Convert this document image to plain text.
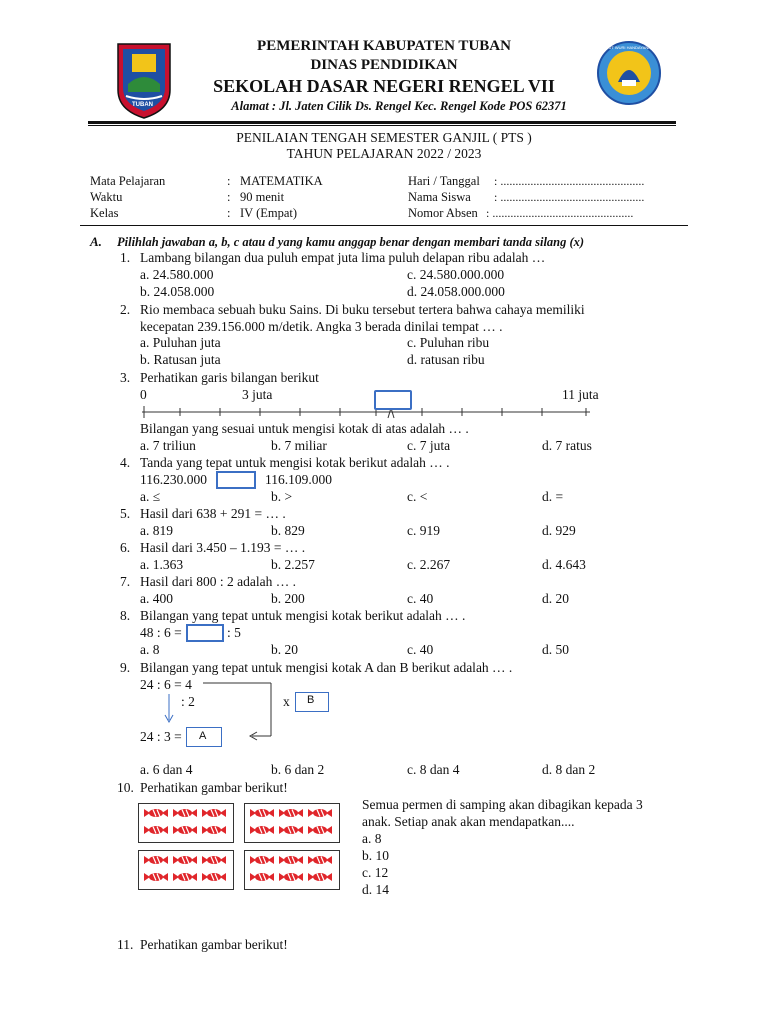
TUBAN
TUT WURI HANDAYANI
PEMERINTAH KABUPATEN TUBAN
DINAS PENDIDIKAN
SEKOLAH DASAR NEGERI RENGEL VII
Alamat : Jl. Jaten Cilik Ds. Rengel Kec. Rengel Kode POS 62371
PENILAIAN TENGAH SEMESTER GANJIL ( PTS )
TAHUN PELAJARAN 2022 / 2023
Mata Pelajaran	: MATEMATIKA
Waktu	: 90 menit
Kelas	: IV (Empat)
Hari / Tanggal : ................................................
Nama Siswa : ................................................
Nomor Absen : ...............................................
A. Pilihlah jawaban a, b, c atau d yang kamu anggap benar dengan membari tanda silang (x)
1. Lambang bilangan dua puluh empat juta lima puluh delapan ribu adalah …
a. 24.580.000	c. 24.580.000.000
b. 24.058.000	d. 24.058.000.000
2. Rio membaca sebuah buku Sains. Di buku tersebut tertera bahwa cahaya memiliki
kecepatan 239.156.000 m/detik. Angka 3 berada dinilai tempat … .
a. Puluhan juta	c. Puluhan ribu
b. Ratusan juta	d. ratusan ribu
3. Perhatikan garis bilangan berikut
0	3 juta	11 juta
Bilangan yang sesuai untuk mengisi kotak di atas adalah … .
a. 7 triliun	b. 7 miliar	c. 7 juta	d. 7 ratus
4. Tanda yang tepat untuk mengisi kotak berikut adalah … .
116.230.000	116.109.000
a. ≤	b. >	c. <	d. =
5. Hasil dari 638 + 291 = … .
a. 819	b. 829	c. 919	d. 929
6. Hasil dari 3.450 – 1.193 = … .
a. 1.363	b. 2.257	c. 2.267	d. 4.643
7. Hasil dari 800 : 2 adalah … .
a. 400	b. 200	c. 40	d. 20
8. Bilangan yang tepat untuk mengisi kotak berikut adalah … .
48 : 6 =	: 5
a. 8	b. 20	c. 40	d. 50
9. Bilangan yang tepat untuk mengisi kotak A dan B berikut adalah … .
24 : 6 = 4
: 2	x B
24 : 3 = A
a. 6 dan 4	b. 6 dan 2	c. 8 dan 4	d. 8 dan 2
10. Perhatikan gambar berikut!
Semua permen di samping akan dibagikan kepada 3
anak. Setiap anak akan mendapatkan....
a. 8
b. 10
c. 12
d. 14
11. Perhatikan gambar berikut!
